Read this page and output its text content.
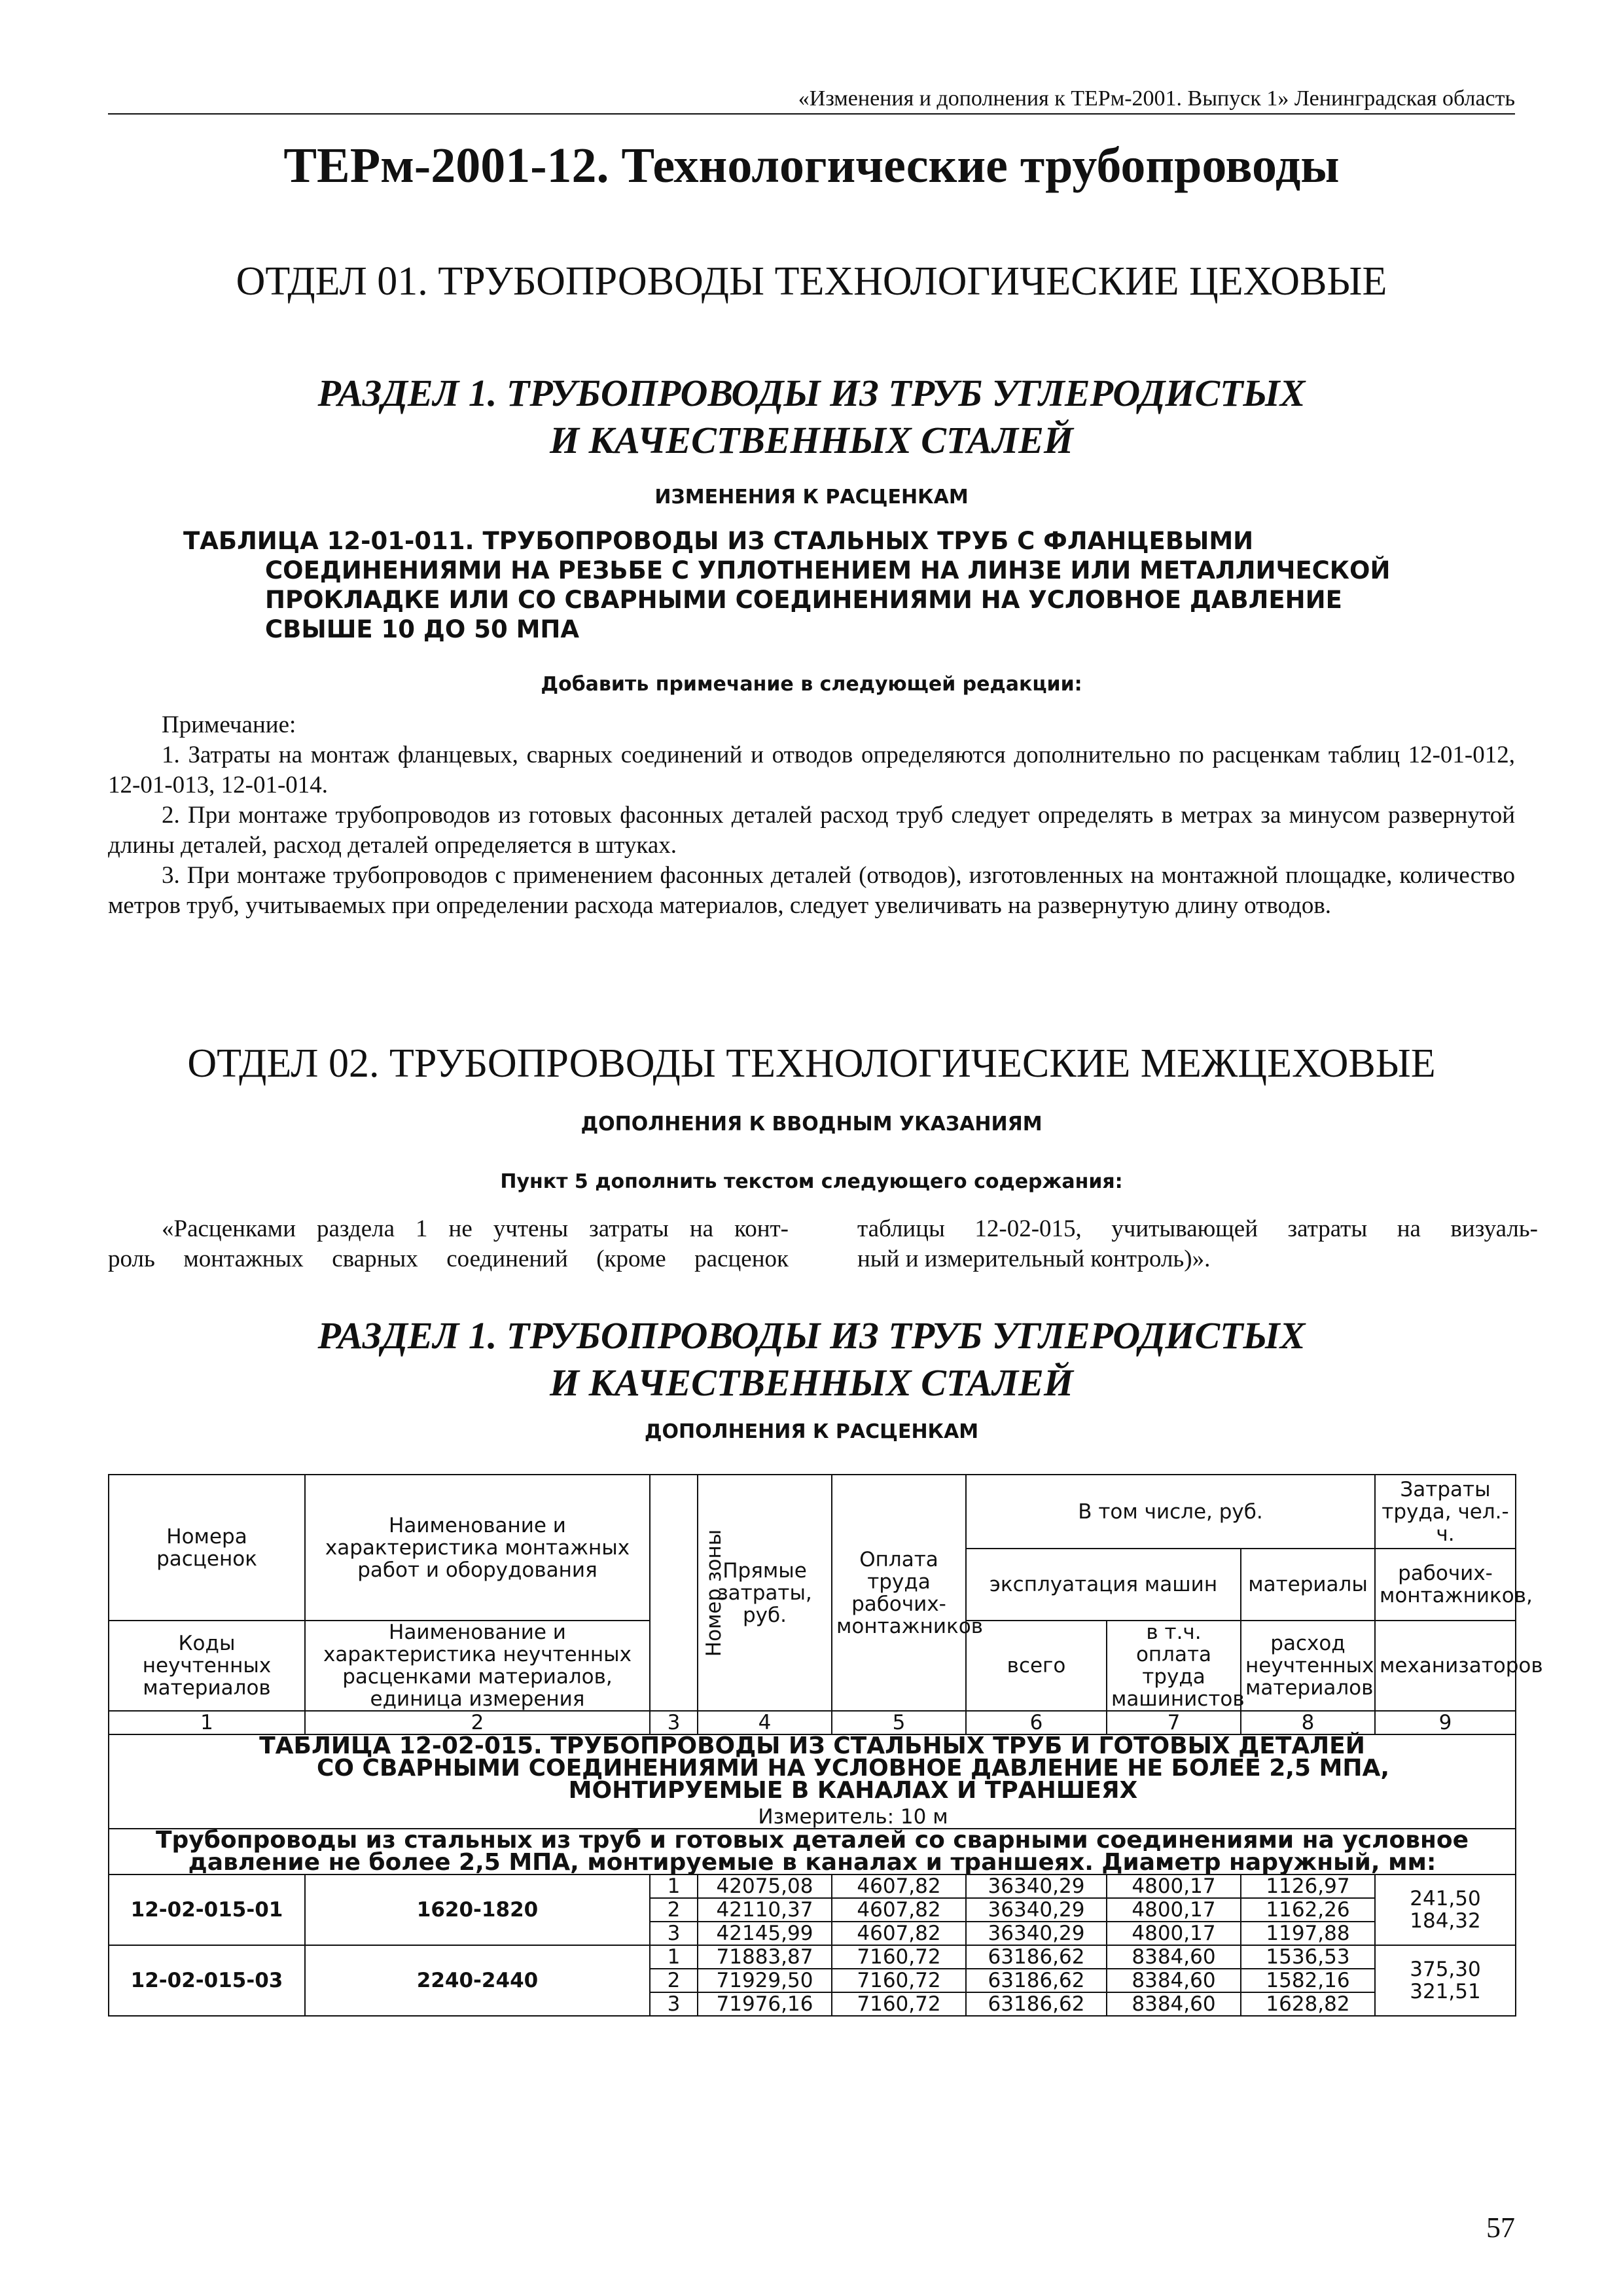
«Изменения и дополнения к ТЕРм-2001. Выпуск 1» Ленинградская область
ТЕРм-2001-12. Технологические трубопроводы
ОТДЕЛ 01. ТРУБОПРОВОДЫ ТЕХНОЛОГИЧЕСКИЕ ЦЕХОВЫЕ
РАЗДЕЛ 1. ТРУБОПРОВОДЫ ИЗ ТРУБ УГЛЕРОДИСТЫХ
И КАЧЕСТВЕННЫХ СТАЛЕЙ
ИЗМЕНЕНИЯ К РАСЦЕНКАМ
ТАБЛИЦА 12-01-011. ТРУБОПРОВОДЫ ИЗ СТАЛЬНЫХ ТРУБ С ФЛАНЦЕВЫМИ
СОЕДИНЕНИЯМИ НА РЕЗЬБЕ С УПЛОТНЕНИЕМ НА ЛИНЗЕ ИЛИ МЕТАЛЛИЧЕСКОЙ
ПРОКЛАДКЕ ИЛИ СО СВАРНЫМИ СОЕДИНЕНИЯМИ НА УСЛОВНОЕ ДАВЛЕНИЕ
СВЫШЕ 10 ДО 50 МПА
Добавить примечание в следующей редакции:

Примечание:

1. Затраты на монтаж фланцевых, сварных соединений и отводов определяются дополнительно по расценкам таблиц 12-01-012, 12-01-013, 12-01-014.

2. При монтаже трубопроводов из готовых фасонных деталей расход труб следует определять в метрах за минусом развернутой длины деталей, расход деталей определяется в штуках.

3. При монтаже трубопроводов с применением фасонных деталей (отводов), изготовленных на монтажной площадке, количество метров труб, учитываемых при определении расхода материалов, следует увеличивать на развернутую длину отводов.

ОТДЕЛ 02. ТРУБОПРОВОДЫ ТЕХНОЛОГИЧЕСКИЕ МЕЖЦЕХОВЫЕ
ДОПОЛНЕНИЯ К ВВОДНЫМ УКАЗАНИЯМ
Пункт 5 дополнить текстом следующего содержания:

«Расценками раздела 1 не учтены затраты на конт-

роль монтажных сварных соединений (кроме расценок

таблицы 12-02-015, учитывающей затраты на визуаль-

ный и измерительный контроль)».

РАЗДЕЛ 1. ТРУБОПРОВОДЫ ИЗ ТРУБ УГЛЕРОДИСТЫХ
И КАЧЕСТВЕННЫХ СТАЛЕЙ
ДОПОЛНЕНИЯ К РАСЦЕНКАМ
Номера расценок	Наименование и характеристика монтажных работ и оборудования	Номер зоны	Прямые затраты, руб.	Оплата труда рабочих-монтажников	В том числе, руб.			Затраты труда, чел.-ч.
					эксплуатация машин		материалы	рабочих-монтажников,
Коды неучтенных материалов	Наименование и характеристика неучтенных расценками материалов, единица измерения				всего	в т.ч. оплата труда машинистов	расход неучтенных материалов	механизаторов

1	2	3	4	5	6	7	8	9

ТАБЛИЦА 12-02-015. ТРУБОПРОВОДЫ ИЗ СТАЛЬНЫХ ТРУБ И ГОТОВЫХ ДЕТАЛЕЙ
СО СВАРНЫМИ СОЕДИНЕНИЯМИ НА УСЛОВНОЕ ДАВЛЕНИЕ НЕ БОЛЕЕ 2,5 МПА,
МОНТИРУЕМЫЕ В КАНАЛАХ И ТРАНШЕЯХ
Измеритель: 10 м								

Трубопроводы из стальных из труб и готовых деталей со сварными соединениями на условное давление не более 2,5 МПА, монтируемые в каналах и траншеях. Диаметр наружный, мм:								
12-02-015-01	1620-1820	1	42075,08	4607,82	36340,29	4800,17	1126,97	241,50
184,32

		2	42110,37	4607,82	36340,29	4800,17	1162,26	
		3	42145,99	4607,82	36340,29	4800,17	1197,88	
12-02-015-03	2240-2440	1	71883,87	7160,72	63186,62	8384,60	1536,53	375,30
321,51

		2	71929,50	7160,72	63186,62	8384,60	1582,16	
		3	71976,16	7160,72	63186,62	8384,60	1628,82	
57
